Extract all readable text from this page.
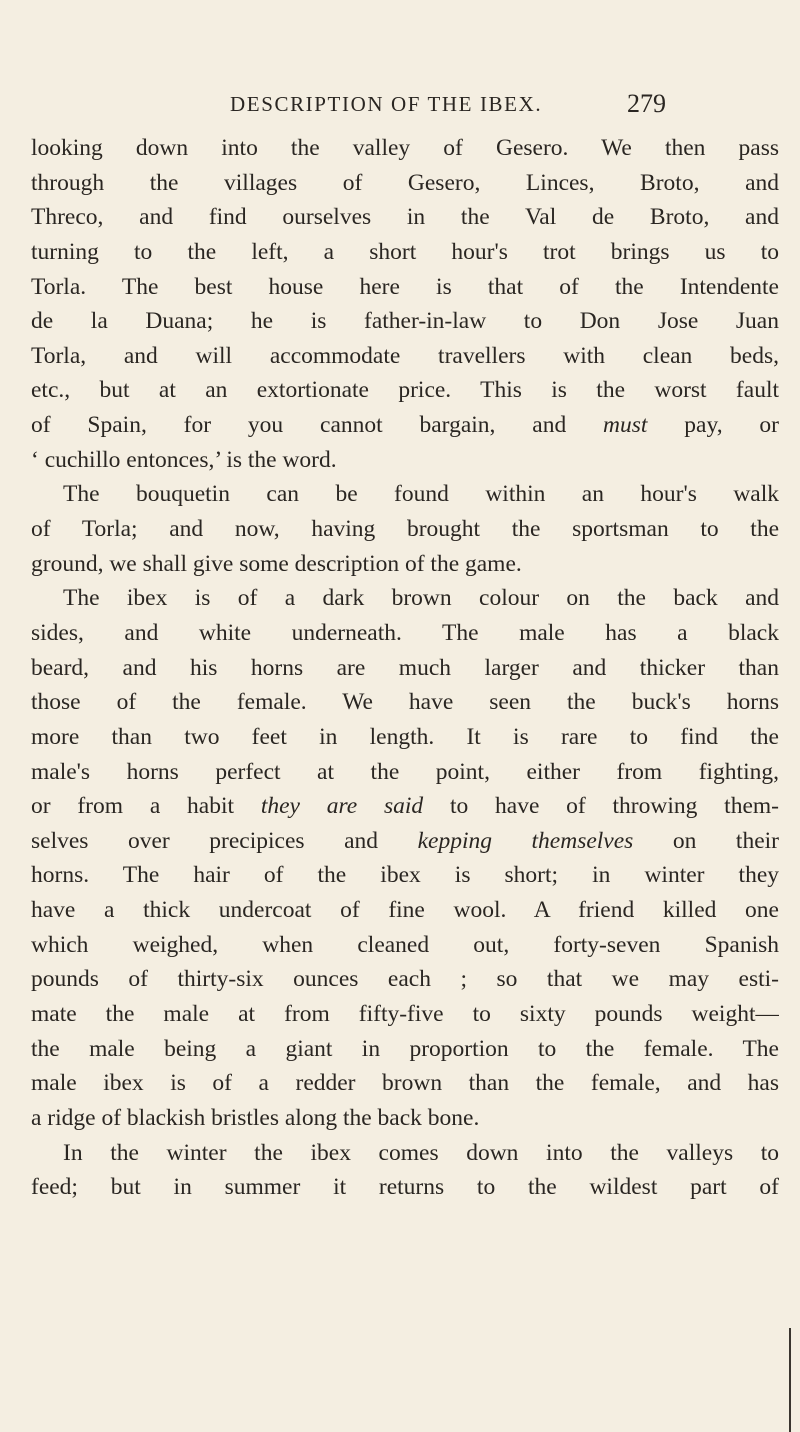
DESCRIPTION OF THE IBEX.	279
looking down into the valley of Gesero. We then pass
through the villages of Gesero, Linces, Broto, and
Threco, and find ourselves in the Val de Broto, and
turning to the left, a short hour's trot brings us to
Torla. The best house here is that of the Intendente
de la Duana; he is father-in-law to Don Jose Juan
Torla, and will accommodate travellers with clean beds,
etc., but at an extortionate price. This is the worst fault
of Spain, for you cannot bargain, and must pay, or
‘ cuchillo entonces,’ is the word.
The bouquetin can be found within an hour's walk
of Torla; and now, having brought the sportsman to the
ground, we shall give some description of the game.
The ibex is of a dark brown colour on the back and
sides, and white underneath. The male has a black
beard, and his horns are much larger and thicker than
those of the female. We have seen the buck's horns
more than two feet in length. It is rare to find the
male's horns perfect at the point, either from fighting,
or from a habit they are said to have of throwing them-
selves over precipices and kepping themselves on their
horns. The hair of the ibex is short; in winter they
have a thick undercoat of fine wool. A friend killed one
which weighed, when cleaned out, forty-seven Spanish
pounds of thirty-six ounces each ; so that we may esti-
mate the male at from fifty-five to sixty pounds weight—
the male being a giant in proportion to the female. The
male ibex is of a redder brown than the female, and has
a ridge of blackish bristles along the back bone.
In the winter the ibex comes down into the valleys to
feed; but in summer it returns to the wildest part of
